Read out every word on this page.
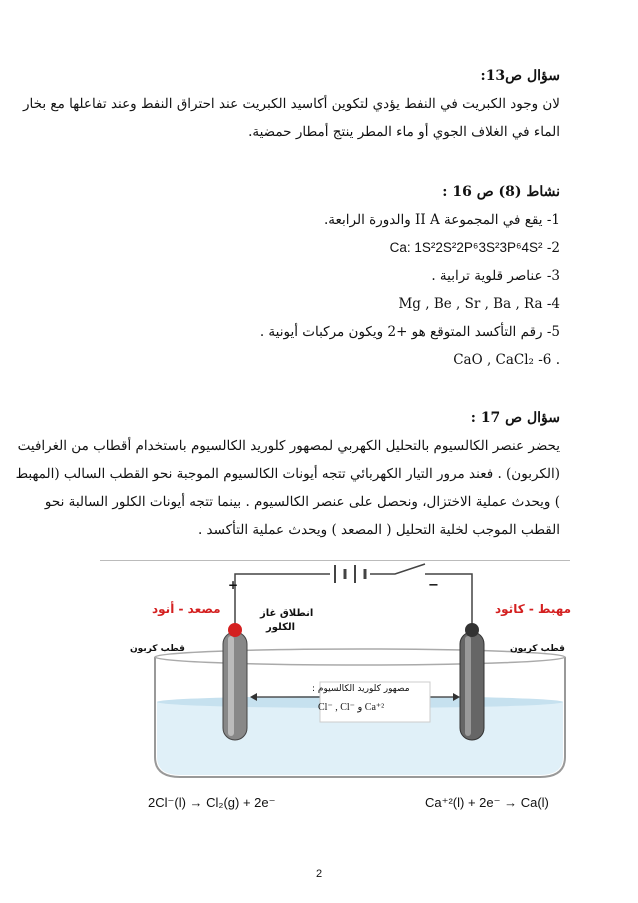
سؤال ص13:
لان وجود الكبريت في النفط يؤدي لتكوين أكاسيد الكبريت عند احتراق النفط وعند تفاعلها مع بخار
الماء في الغلاف الجوي أو ماء المطر ينتج أمطار حمضية.
نشاط (8) ص 16 :
1- يقع في المجموعة II A والدورة الرابعة.
2- Ca: 1S²2S²2P⁶3S²3P⁶4S²
3- عناصر قلوية ترابية .
Mg , Be , Sr , Ba , Ra -4
5- رقم التأكسد المتوقع هو +2 ويكون مركبات أيونية .
. CaO , CaCl₂ -6
سؤال ص 17 :
يحضر عنصر الكالسيوم بالتحليل الكهربي لمصهور كلوريد الكالسيوم باستخدام أقطاب من الغرافيت
(الكربون) . فعند مرور التيار الكهربائي تتجه أيونات الكالسيوم الموجبة نحو القطب السالب (المهبط
) ويحدث عملية الاختزال، ونحصل على عنصر الكالسيوم . بينما تتجه أيونات الكلور السالبة نحو
القطب الموجب لخلية التحليل ( المصعد ) ويحدث عملية التأكسد .
+	−
مصعد - أنود	مهبط - كاثود
قطب كربون	قطب كربون
انطلاق غاز
الكلور
مصهور كلوريد الكالسيوم :
Cl⁻ , Cl⁻ و Ca⁺²
2Cl⁻(l) → Cl₂(g) + 2e⁻	Ca⁺²(l) + 2e⁻ → Ca(l)
2
